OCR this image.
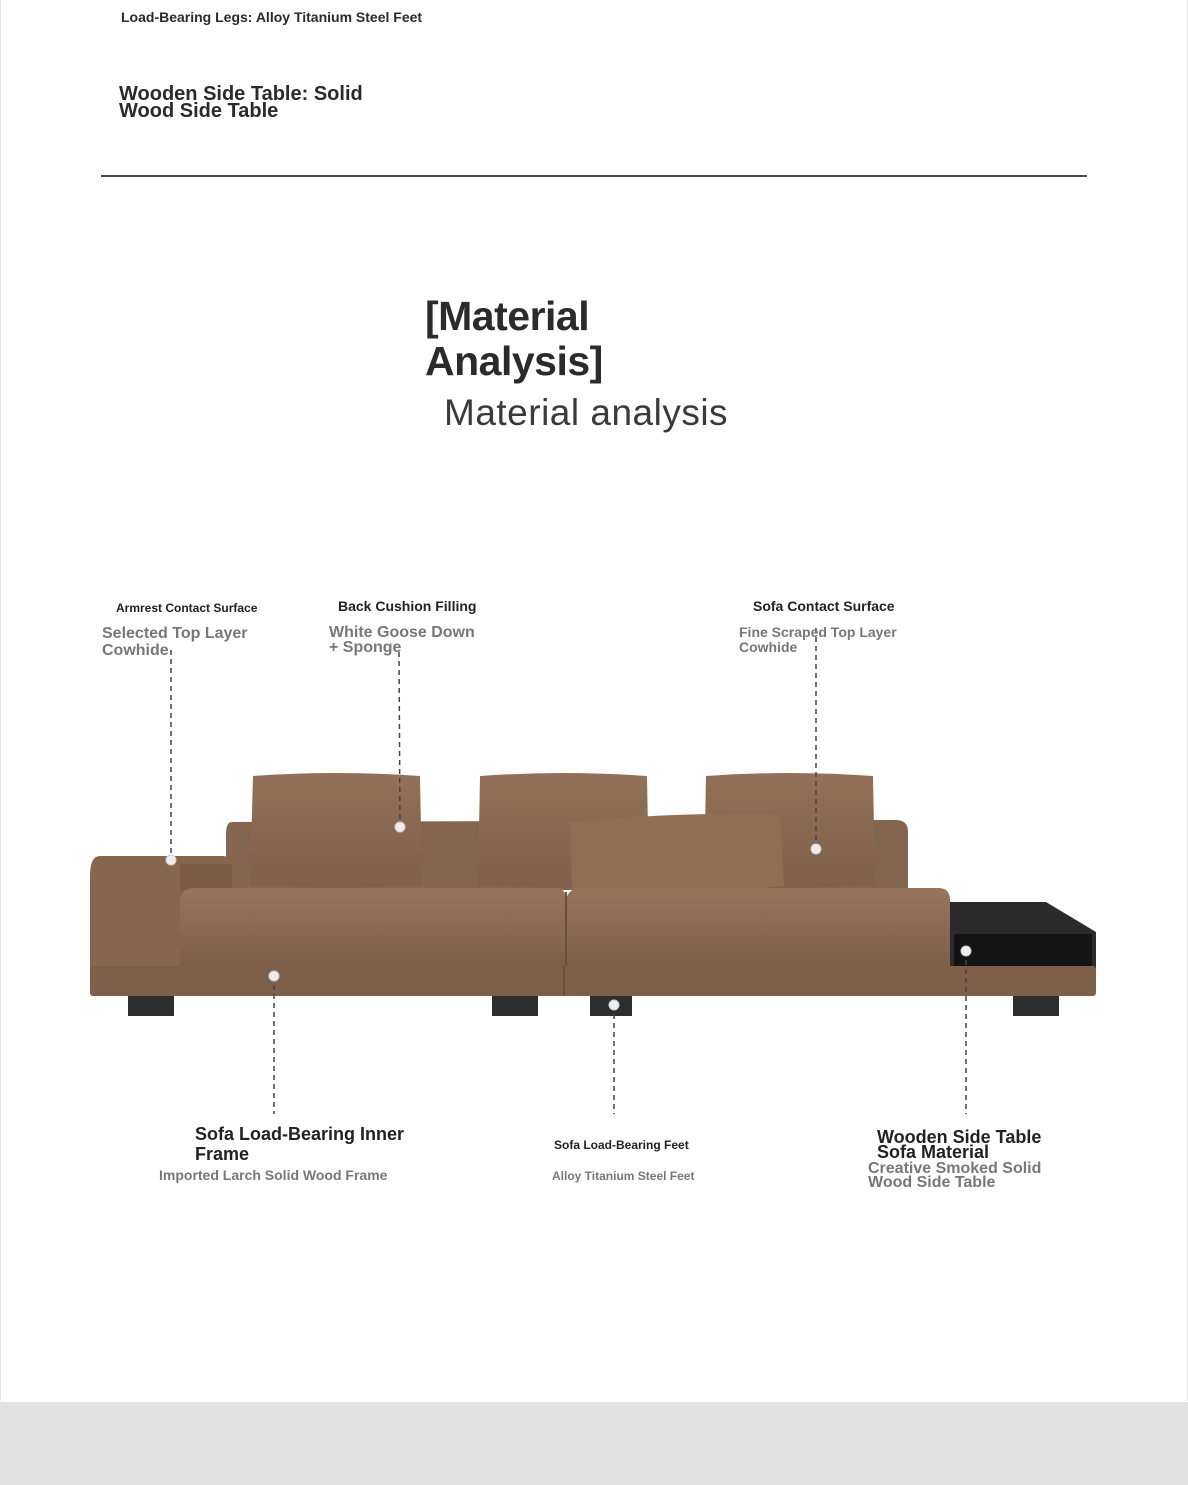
Load-Bearing Legs: Alloy Titanium Steel Feet

Wooden Side Table: Solid Wood Side Table

[Material Analysis]
Material analysis

Armrest Contact Surface

Selected Top Layer Cowhide

Back Cushion Filling

White Goose Down + Sponge

Sofa Contact Surface

Fine Scraped Top Layer Cowhide

Sofa Load-Bearing Inner Frame

Imported Larch Solid Wood Frame

Sofa Load-Bearing Feet

Alloy Titanium Steel Feet

Wooden Side Table Sofa Material

Creative Smoked Solid Wood Side Table
